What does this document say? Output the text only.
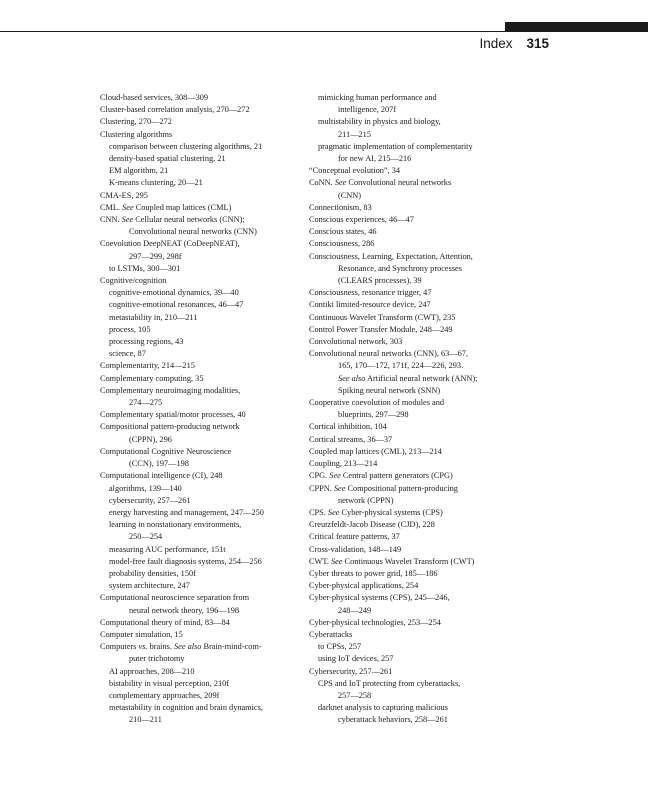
Index 315
Cloud-based services, 308—309
Cluster-based correlation analysis, 270—272
Clustering, 270—272
Clustering algorithms
comparison between clustering algorithms, 21
density-based spatial clustering, 21
EM algorithm, 21
K-means clustering, 20—21
CMA-ES, 295
CML. See Coupled map lattices (CML)
CNN. See Cellular neural networks (CNN);
Convolutional neural networks (CNN)
Coevolution DeepNEAT (CoDeepNEAT),
297—299, 298f
to LSTMs, 300—301
Cognitive/cognition
cognitive-emotional dynamics, 39—40
cognitive-emotional resonances, 46—47
metastability in, 210—211
process, 105
processing regions, 43
science, 87
Complementarity, 214—215
Complementary computing, 35
Complementary neuroimaging modalities,
274—275
Complementary spatial/motor processes, 40
Compositional pattern-producing network
(CPPN), 296
Computational Cognitive Neuroscience
(CCN), 197—198
Computational intelligence (CI), 248
algorithms, 139—140
cybersecurity, 257—261
energy harvesting and management, 247—250
learning in nonstationary environments,
250—254
measuring AUC performance, 151t
model-free fault diagnosis systems, 254—256
probability densities, 150f
system architecture, 247
Computational neuroscience separation from
neural network theory, 196—198
Computational theory of mind, 83—84
Computer simulation, 15
Computers vs. brains. See also Brain-mind-com-
puter trichotomy
AI approaches, 208—210
bistability in visual perception, 210f
complementary approaches, 209f
metastability in cognition and brain dynamics,
210—211
mimicking human performance and
intelligence, 207f
multistability in physics and biology,
211—215
pragmatic implementation of complementarity
for new AI, 215—216
“Conceptual evolution”, 34
CoNN. See Convolutional neural networks
(CNN)
Connectionism, 83
Conscious experiences, 46—47
Conscious states, 46
Consciousness, 286
Consciousness, Learning, Expectation, Attention,
Resonance, and Synchrony processes
(CLEARS processes), 39
Consciousness, resonance trigger, 47
Contiki limited-resource device, 247
Continuous Wavelet Transform (CWT), 235
Control Power Transfer Module, 248—249
Convolutional network, 303
Convolutional neural networks (CNN), 63—67,
165, 170—172, 171f, 224—226, 293.
See also Artificial neural network (ANN);
Spiking neural network (SNN)
Cooperative coevolution of modules and
blueprints, 297—298
Cortical inhibition, 104
Cortical streams, 36—37
Coupled map lattices (CML), 213—214
Coupling, 213—214
CPG. See Central pattern generators (CPG)
CPPN. See Compositional pattern-producing
network (CPPN)
CPS. See Cyber-physical systems (CPS)
Creutzfeldt-Jacob Disease (CJD), 228
Critical feature patterns, 37
Cross-validation, 148—149
CWT. See Continuous Wavelet Transform (CWT)
Cyber threats to power grid, 185—186
Cyber-physical applications, 254
Cyber-physical systems (CPS), 245—246,
248—249
Cyber-physical technologies, 253—254
Cyberattacks
to CPSs, 257
using IoT devices, 257
Cybersecurity, 257—261
CPS and IoT protecting from cyberattacks,
257—258
darknet analysis to capturing malicious
cyberattack behaviors, 258—261
